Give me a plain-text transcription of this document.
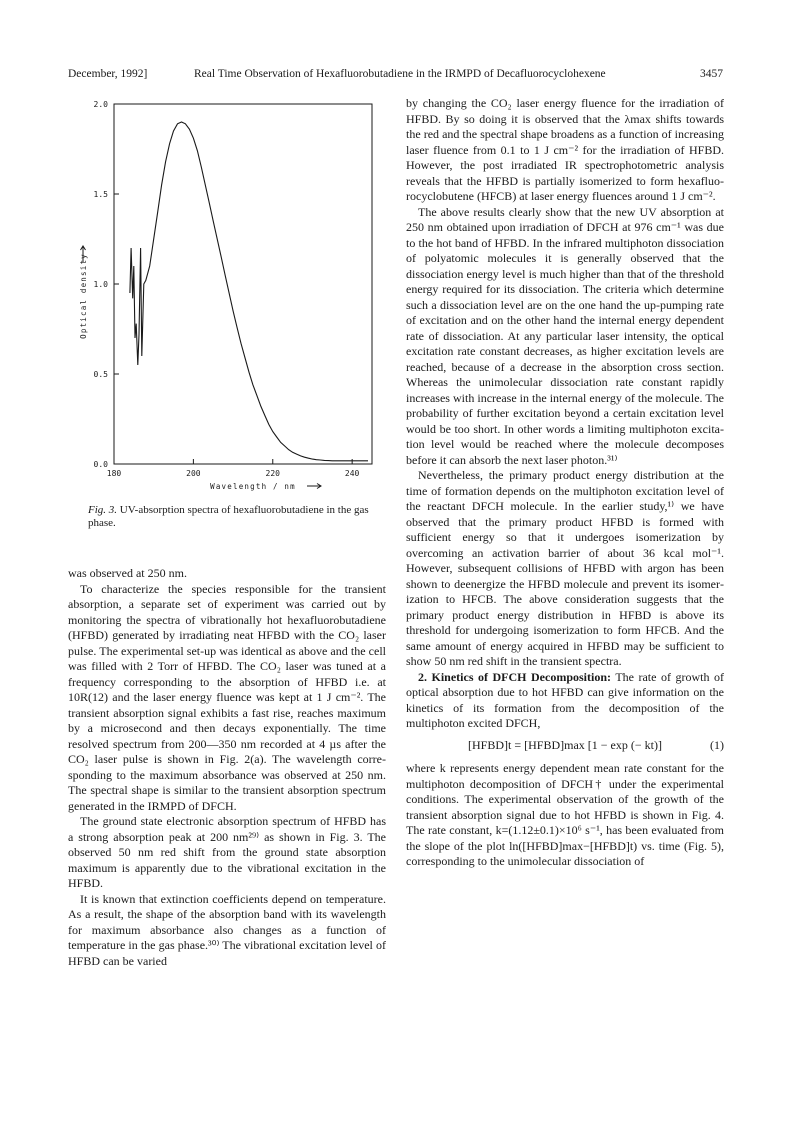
December, 1992]	Real Time Observation of Hexafluorobutadiene in the IRMPD of Decafluorocyclohexene	3457
180	200	220	240
0.0
0.5
1.0
1.5
2.0
Wavelength / nm
Optical density
Fig. 3. UV-absorption spectra of hexafluorobutadiene in the gas phase.

was observed at 250 nm.

To characterize the species responsible for the transient absorption, a separate set of experiment was carried out by monitoring the spectra of vibrationally hot hexafluorobutadiene (HFBD) generated by irradiating neat HFBD with the CO₂ laser pulse. The experimental set-up was identical as above and the cell was filled with 2 Torr of HFBD. The CO₂ laser was tuned at a frequency corresponding to the absorption of HFBD i.e. at 10R(12) and the laser energy fluence was kept at 1 J cm⁻². The transient absorption signal exhibits a fast rise, reaches maximum by a microsecond and then decays exponentially. The time resolved spectrum from 200—350 nm recorded at 4 µs after the CO₂ laser pulse is shown in Fig. 2(a). The wavelength corresponding to the maximum absorbance was observed at 250 nm. The spectral shape is similar to the transient absorption spectrum generated in the IRMPD of DFCH.

The ground state electronic absorption spectrum of HFBD has a strong absorption peak at 200 nm²⁹⁾ as shown in Fig. 3. The observed 50 nm red shift from the ground state absorption maximum is apparently due to the vibrational excitation in the HFBD.

It is known that extinction coefficients depend on temperature. As a result, the shape of the absorption band with its wavelength for maximum absorbance also changes as a function of temperature in the gas phase.³⁰⁾ The vibrational excitation level of HFBD can be varied

by changing the CO₂ laser energy fluence for the irradiation of HFBD. By so doing it is observed that the λmax shifts towards the red and the spectral shape broadens as a function of increasing laser fluence from 0.1 to 1 J cm⁻² for the irradiation of HFBD. However, the post irradiated IR spectrophotometric analysis reveals that the HFBD is partially isomerized to form hexafluorocyclobutene (HFCB) at laser energy fluences around 1 J cm⁻².

The above results clearly show that the new UV absorption at 250 nm obtained upon irradiation of DFCH at 976 cm⁻¹ was due to the hot band of HFBD. In the infrared multiphoton dissociation of polyatomic molecules it is generally observed that the dissociation energy level is much higher than that of the threshold energy required for its dissociation. The criteria which determine such a dissociation level are on the one hand the up-pumping rate of excitation and on the other hand the internal energy dependent rate of dissociation. At any particular laser intensity, the optical excitation rate constant decreases, as higher excitation levels are reached, because of a decrease in the absorption cross section. Whereas the unimolecular dissociation rate constant rapidly increases with increase in the internal energy of the molecule. The probability of further excitation beyond a certain excitation level would be too short. In other words a limiting multiphoton excitation level would be reached where the molecule decomposes before it can absorb the next laser photon.³¹⁾

Nevertheless, the primary product energy distribution at the time of formation depends on the multiphoton excitation level of the reactant DFCH molecule. In the earlier study,¹⁾ we have observed that the primary product HFBD is formed with sufficient energy so that it undergoes isomerization by overcoming an activation barrier of about 36 kcal mol⁻¹. However, subsequent collisions of HFBD with argon has been shown to deenergize the HFBD molecule and prevent its isomerization to HFCB. The above consideration suggests that the primary product energy distribution in HFBD is above its threshold for undergoing isomerization to form HFCB. And the same amount of energy acquired in HFBD may be sufficient to show 50 nm red shift in the transient spectra.

2. Kinetics of DFCH Decomposition: The rate of growth of optical absorption due to hot HFBD can give information on the kinetics of its formation from the decomposition of the multiphoton excited DFCH,

[HFBD]t = [HFBD]max [1 − exp (− kt)]	(1)

where k represents energy dependent mean rate constant for the multiphoton decomposition of DFCH† under the experimental conditions. The experimental observation of the growth of the transient absorption signal due to hot HFBD is shown in Fig. 4. The rate constant, k=(1.12±0.1)×10⁶ s⁻¹, has been evaluated from the slope of the plot ln([HFBD]max−[HFBD]t) vs. time (Fig. 5), corresponding to the unimolecular dissociation of
